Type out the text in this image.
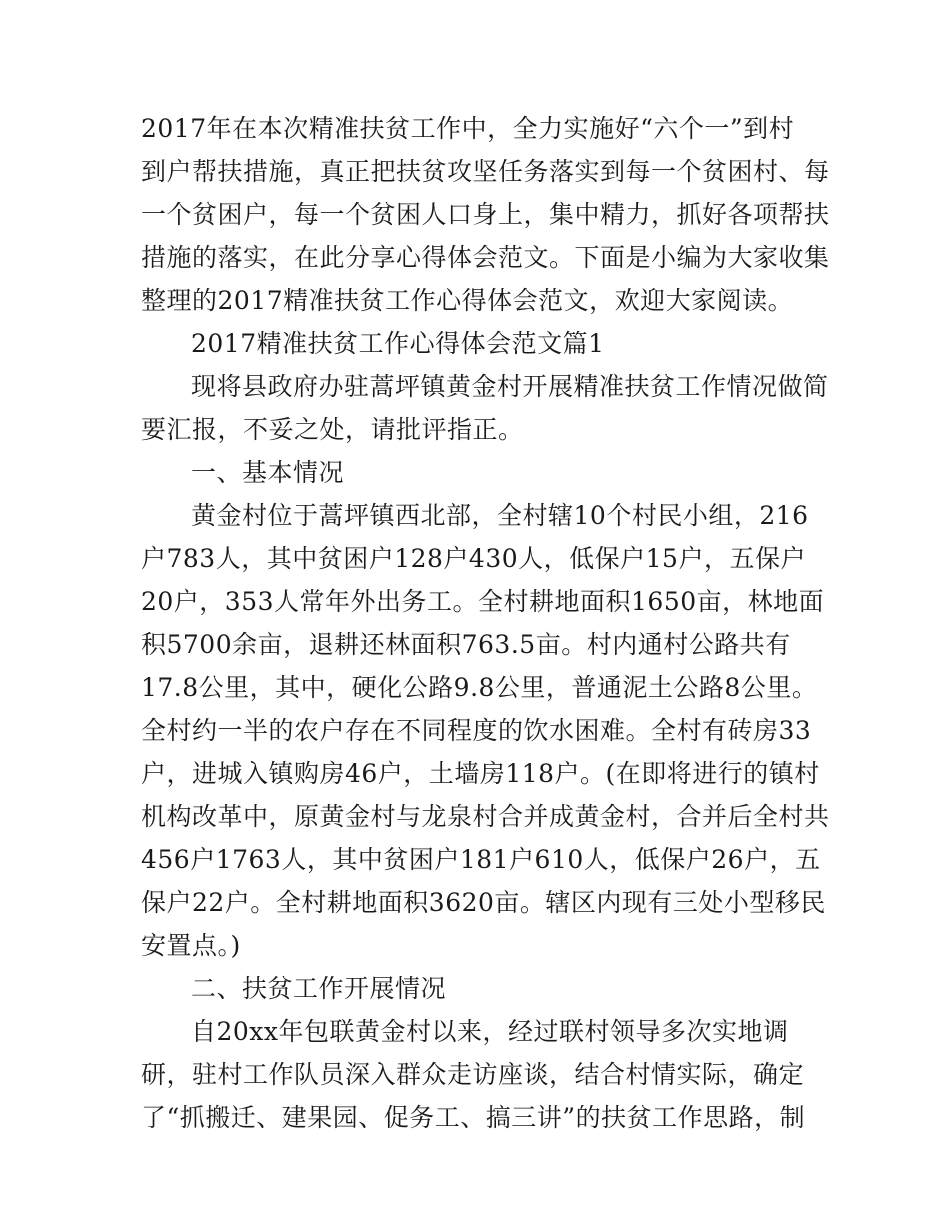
2017年在本次精准扶贫工作中，全力实施好“六个一”到村
到户帮扶措施，真正把扶贫攻坚任务落实到每一个贫困村、每
一个贫困户，每一个贫困人口身上，集中精力，抓好各项帮扶
措施的落实，在此分享心得体会范文。下面是小编为大家收集
整理的2017精准扶贫工作心得体会范文，欢迎大家阅读。
2017精准扶贫工作心得体会范文篇1
现将县政府办驻蒿坪镇黄金村开展精准扶贫工作情况做简
要汇报，不妥之处，请批评指正。
一、基本情况
黄金村位于蒿坪镇西北部，全村辖10个村民小组，216
户783人，其中贫困户128户430人，低保户15户，五保户
20户，353人常年外出务工。全村耕地面积1650亩，林地面
积5700余亩，退耕还林面积763.5亩。村内通村公路共有
17.8公里，其中，硬化公路9.8公里，普通泥土公路8公里。
全村约一半的农户存在不同程度的饮水困难。全村有砖房33
户，进城入镇购房46户，土墙房118户。(在即将进行的镇村
机构改革中，原黄金村与龙泉村合并成黄金村，合并后全村共
456户1763人，其中贫困户181户610人，低保户26户，五
保户22户。全村耕地面积3620亩。辖区内现有三处小型移民
安置点。)
二、扶贫工作开展情况
自20xx年包联黄金村以来，经过联村领导多次实地调
研，驻村工作队员深入群众走访座谈，结合村情实际，确定
了“抓搬迁、建果园、促务工、搞三讲”的扶贫工作思路，制
